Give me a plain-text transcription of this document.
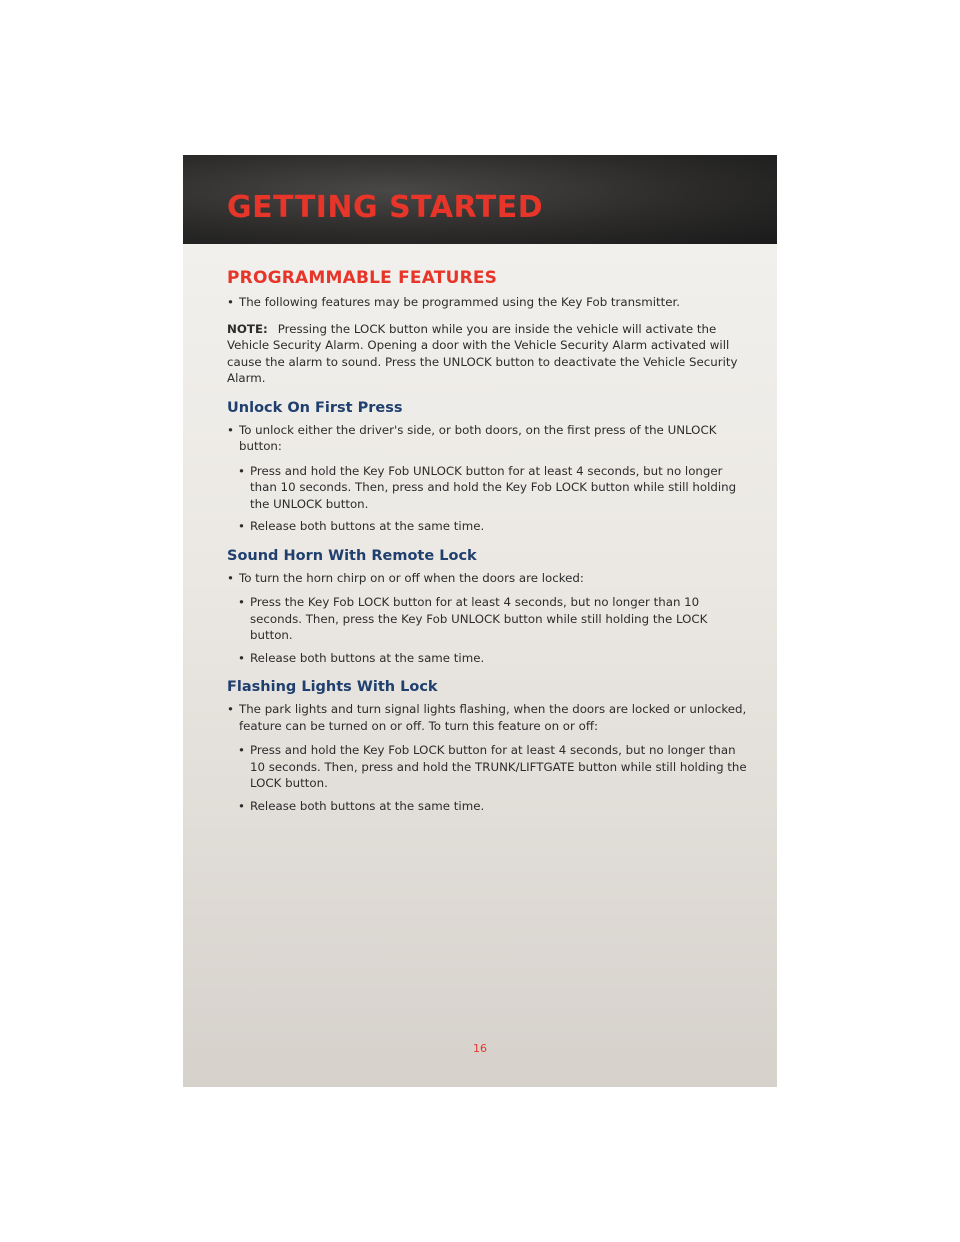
GETTING STARTED
PROGRAMMABLE FEATURES
• The following features may be programmed using the Key Fob transmitter.
NOTE: Pressing the LOCK button while you are inside the vehicle will activate the Vehicle Security Alarm. Opening a door with the Vehicle Security Alarm activated will cause the alarm to sound. Press the UNLOCK button to deactivate the Vehicle Security Alarm.
Unlock On First Press
• To unlock either the driver's side, or both doors, on the first press of the UNLOCK button:
• Press and hold the Key Fob UNLOCK button for at least 4 seconds, but no longer than 10 seconds. Then, press and hold the Key Fob LOCK button while still holding the UNLOCK button.
• Release both buttons at the same time.
Sound Horn With Remote Lock
• To turn the horn chirp on or off when the doors are locked:
• Press the Key Fob LOCK button for at least 4 seconds, but no longer than 10 seconds. Then, press the Key Fob UNLOCK button while still holding the LOCK button.
• Release both buttons at the same time.
Flashing Lights With Lock
• The park lights and turn signal lights flashing, when the doors are locked or unlocked, feature can be turned on or off. To turn this feature on or off:
• Press and hold the Key Fob LOCK button for at least 4 seconds, but no longer than 10 seconds. Then, press and hold the TRUNK/LIFTGATE button while still holding the LOCK button.
• Release both buttons at the same time.
16
